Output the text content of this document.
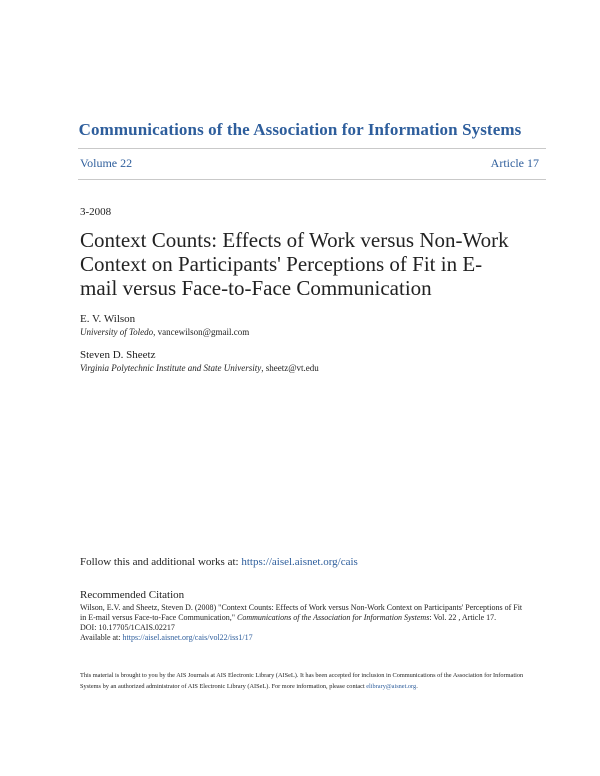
Communications of the Association for Information Systems
Volume 22	Article 17
3-2008
Context Counts: Effects of Work versus Non-Work
Context on Participants' Perceptions of Fit in E-
mail versus Face-to-Face Communication
E. V. Wilson
University of Toledo, vancewilson@gmail.com
Steven D. Sheetz
Virginia Polytechnic Institute and State University, sheetz@vt.edu
Follow this and additional works at: https://aisel.aisnet.org/cais
Recommended Citation
Wilson, E.V. and Sheetz, Steven D. (2008) "Context Counts: Effects of Work versus Non-Work Context on Participants' Perceptions of Fit in E-mail versus Face-to-Face Communication," Communications of the Association for Information Systems: Vol. 22 , Article 17.
DOI: 10.17705/1CAIS.02217
Available at: https://aisel.aisnet.org/cais/vol22/iss1/17
This material is brought to you by the AIS Journals at AIS Electronic Library (AISeL). It has been accepted for inclusion in Communications of the Association for Information Systems by an authorized administrator of AIS Electronic Library (AISeL). For more information, please contact elibrary@aisnet.org.
